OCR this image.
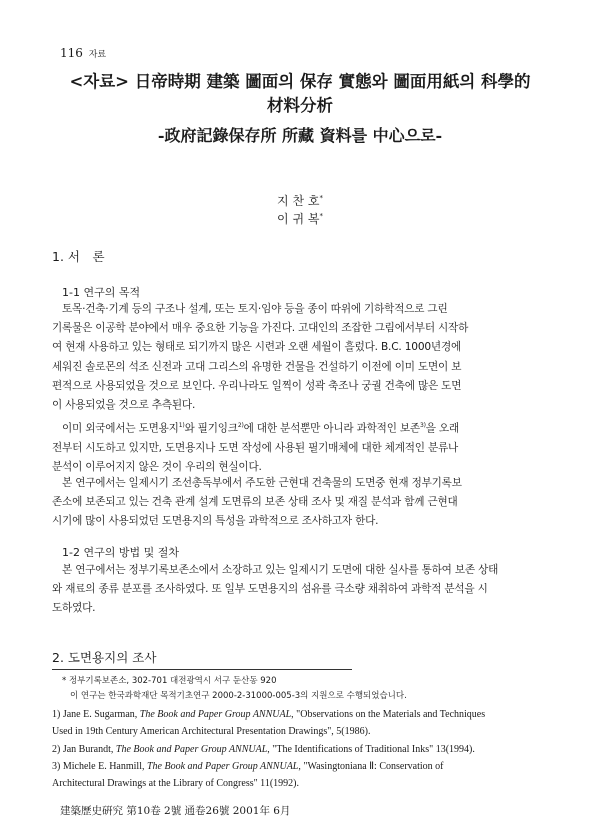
116 자료
<자료> 日帝時期 建築 圖面의 保存 實態와 圖面用紙의 科學的
材料分析
-政府記錄保存所 所藏 資料를 中心으로-
지 찬 호*
이 귀 복*
1. 서　론
1-1 연구의 목적
토목·건축·기계 등의 구조나 설계, 또는 토지·임야 등을 종이 따위에 기하학적으로 그린
기록물은 이공학 분야에서 매우 중요한 기능을 가진다. 고대인의 조잡한 그림에서부터 시작하
여 현재 사용하고 있는 형태로 되기까지 많은 시련과 오랜 세월이 흘렀다. B.C. 1000년경에
세워진 솔로몬의 석조 신전과 고대 그리스의 유명한 건물을 건설하기 이전에 이미 도면이 보
편적으로 사용되었을 것으로 보인다. 우리나라도 일찍이 성곽 축조나 궁궐 건축에 많은 도면
이 사용되었을 것으로 추측된다.
이미 외국에서는 도면용지$^{1)}$와 필기잉크$^{2)}$에 대한 분석뿐만 아니라 과학적인 보존$^{3)}$을 오래
전부터 시도하고 있지만, 도면용지나 도면 작성에 사용된 필기매체에 대한 체계적인 분류나
분석이 이루어지지 않은 것이 우리의 현실이다.
본 연구에서는 일제시기 조선총독부에서 주도한 근현대 건축물의 도면중 현재 정부기록보
존소에 보존되고 있는 건축 관계 설계 도면류의 보존 상태 조사 및 재질 분석과 함께 근현대
시기에 많이 사용되었던 도면용지의 특성을 과학적으로 조사하고자 한다.
1-2 연구의 방법 및 절차
본 연구에서는 정부기록보존소에서 소장하고 있는 일제시기 도면에 대한 실사를 통하여 보존 상태
와 재료의 종류 분포를 조사하였다. 또 일부 도면용지의 섬유를 극소량 채취하여 과학적 분석을 시
도하였다.
2. 도면용지의 조사
* 정부기록보존소, 302-701 대전광역시 서구 둔산동 920
이 연구는 한국과학재단 목적기초연구 2000-2-31000-005-3의 지원으로 수행되었습니다.
1) Jane E. Sugarman, The Book and Paper Group ANNUAL, "Observations on the Materials and Techniques
Used in 19th Century American Architectural Presentation Drawings", 5(1986).
2) Jan Burandt, The Book and Paper Group ANNUAL, "The Identifications of Traditional Inks" 13(1994).
3) Michele E. Hanmill, The Book and Paper Group ANNUAL, "Wasingtoniana Ⅱ: Conservation of
Architectural Drawings at the Library of Congress" 11(1992).
建築歷史硏究 第10卷 2號 通卷26號 2001年 6月
